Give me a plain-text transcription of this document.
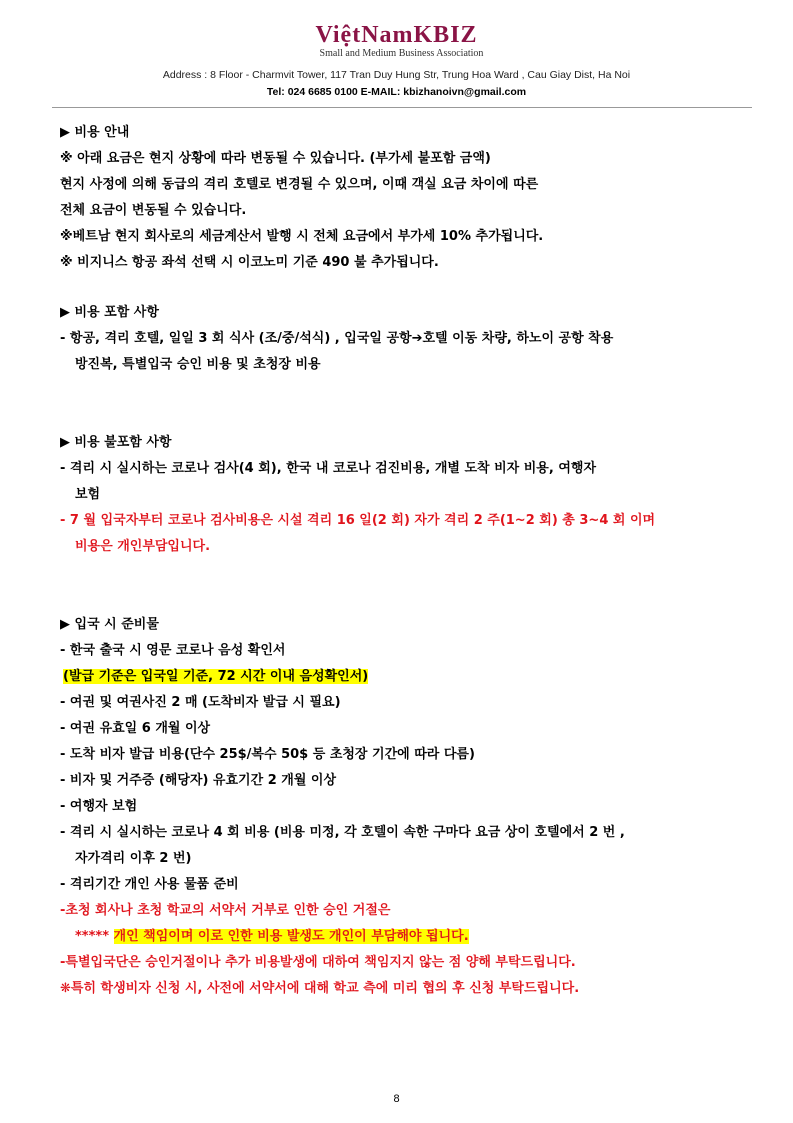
ViệtNamKBIZ
Small and Medium Business Association
Address : 8 Floor - Charmvit Tower, 117 Tran Duy Hung Str, Trung Hoa Ward , Cau Giay Dist, Ha Noi
Tel: 024 6685 0100 E-MAIL: kbizhanoivn@gmail.com
▶ 비용 안내
※ 아래 요금은 현지 상황에 따라 변동될 수 있습니다. (부가세 불포함 금액)
현지 사정에 의해 동급의 격리 호텔로 변경될 수 있으며, 이때 객실 요금 차이에 따른
전체 요금이 변동될 수 있습니다.
※베트남 현지 회사로의 세금계산서 발행 시 전체 요금에서 부가세 10% 추가됩니다.
※ 비지니스 항공 좌석 선택 시 이코노미 기준 490 불 추가됩니다.
▶ 비용 포함 사항
- 항공, 격리 호텔, 일일 3 회 식사 (조/중/석식) , 입국일 공항➔호텔 이동 차량, 하노이 공항 착용
방진복, 특별입국 승인 비용 및 초청장 비용
▶ 비용 불포함 사항
- 격리 시 실시하는 코로나 검사(4 회), 한국 내 코로나 검진비용, 개별 도착 비자 비용, 여행자
보험
- 7 월 입국자부터 코로나 검사비용은 시설 격리 16 일(2 회) 자가 격리 2 주(1~2 회) 총 3~4 회 이며
비용은 개인부담입니다.
▶ 입국 시 준비물
- 한국 출국 시 영문 코로나 음성 확인서
(발급 기준은 입국일 기준, 72 시간 이내 음성확인서)
- 여권 및 여권사진 2 매 (도착비자 발급 시 필요)
- 여권 유효일 6 개월 이상
- 도착 비자 발급 비용(단수 25$/복수 50$ 등 초청장 기간에 따라 다름)
- 비자 및 거주증 (해당자) 유효기간 2 개월 이상
- 여행자 보험
- 격리 시 실시하는 코로나 4 회 비용 (비용 미정, 각 호텔이 속한 구마다 요금 상이 호텔에서 2 번 ,
자가격리 이후 2 번)
- 격리기간 개인 사용 물품 준비
-초청 회사나 초청 학교의 서약서 거부로 인한 승인 거절은
***** 개인 책임이며 이로 인한 비용 발생도 개인이 부담해야 됩니다.
-특별입국단은 승인거절이나 추가 비용발생에 대하여 책임지지 않는 점 양해 부탁드립니다.
❋특히 학생비자 신청 시, 사전에 서약서에 대해 학교 측에 미리 협의 후 신청 부탁드립니다.
8
